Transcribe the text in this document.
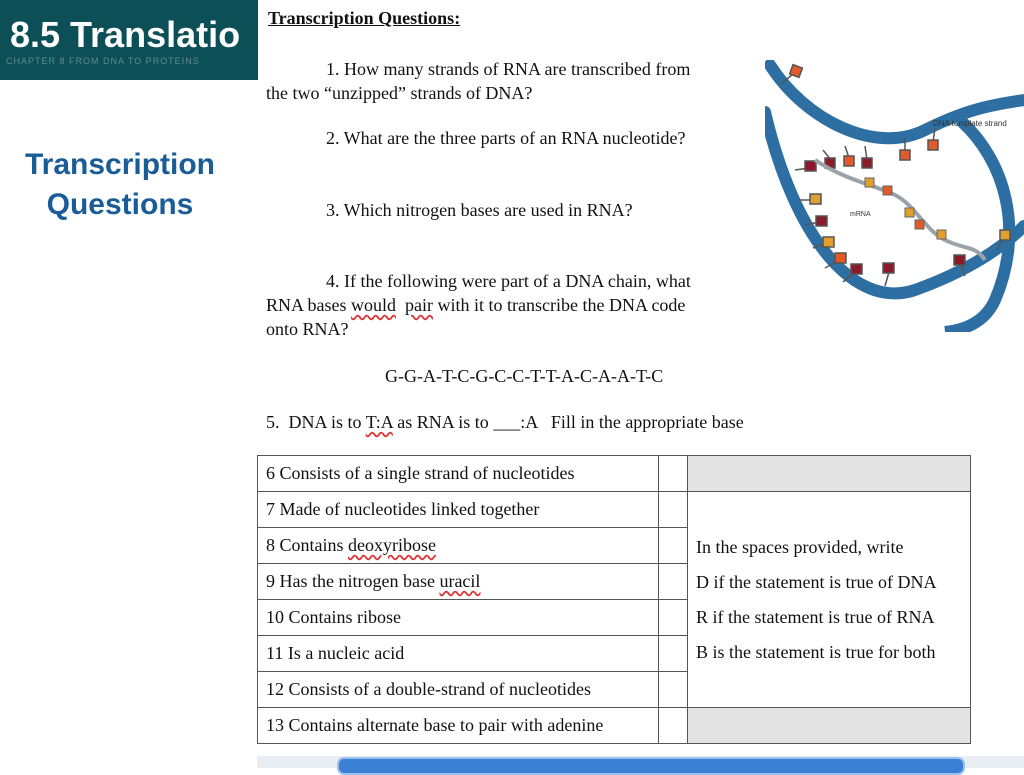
CHAPTER 8 FROM DNA TO PROTEINS
8.5 Translatio
Transcription
Questions
Transcription Questions:
1. How many strands of RNA are transcribed from
the two “unzipped” strands of DNA?
2. What are the three parts of an RNA nucleotide?
3. Which nitrogen bases are used in RNA?
4. If the following were part of a DNA chain, what
RNA bases would pair with it to transcribe the DNA code
onto RNA?
G-G-A-T-C-G-C-C-T-T-A-C-A-A-T-C
5.  DNA is to T:A as RNA is to ___:A   Fill in the appropriate base
DNA template strand
mRNA
6 Consists of a single strand of nucleotides		
7 Made of nucleotides linked together		In the spaces provided, write
D if the statement is true of DNA
R if the statement is true of RNA
B is the statement is true for both

8 Contains deoxyribose		
9 Has the nitrogen base uracil		
10 Contains ribose		
11 Is a nucleic acid		
12 Consists of a double-strand of nucleotides		
13 Contains alternate base to pair with adenine		
